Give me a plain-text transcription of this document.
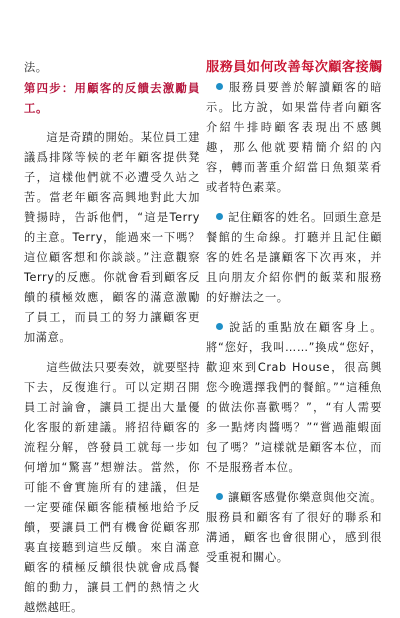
法。

第四步：用顧客的反饋去激勵員工。

這是奇蹟的開始。某位員工建議爲排隊等候的老年顧客提供凳子，這樣他們就不必遭受久站之苦。當老年顧客高興地對此大加贊揚時，告訴他們，“這是Terry的主意。Terry，能過來一下嗎？這位顧客想和你談談。”注意觀察Terry的反應。你就會看到顧客反饋的積極效應，顧客的滿意激勵了員工，而員工的努力讓顧客更加滿意。

這些做法只要奏效，就要堅持下去，反復進行。可以定期召開員工討論會，讓員工提出大量優化客服的新建議。將招待顧客的流程分解，啓發員工就每一步如何增加“驚喜”想辦法。當然，你可能不會實施所有的建議，但是一定要確保顧客能積極地給予反饋，要讓員工們有機會從顧客那裏直接聽到這些反饋。來自滿意顧客的積極反饋很快就會成爲餐館的動力，讓員工們的熱情之火越燃越旺。

服務員如何改善每次顧客接觸

服務員要善於解讀顧客的暗示。比方說，如果當侍者向顧客介紹牛排時顧客表現出不感興趣，那么他就要精簡介紹的內容，轉而著重介紹當日魚類菜肴或者特色素菜。

記住顧客的姓名。回頭生意是餐館的生命線。打聽并且記住顧客的姓名是讓顧客下次再來，并且向朋友介紹你們的飯菜和服務的好辦法之一。

說話的重點放在顧客身上。將“您好，我叫……”換成“您好，歡迎來到Crab House，很高興您今晚選擇我們的餐館。”“這種魚的做法你喜歡嗎？”，“有人需要多一點烤肉醬嗎？”“嘗過龍蝦面包了嗎？”這樣就是顧客本位，而不是服務者本位。

讓顧客感覺你樂意與他交流。服務員和顧客有了很好的聯系和溝通，顧客也會很開心，感到很受重視和關心。
